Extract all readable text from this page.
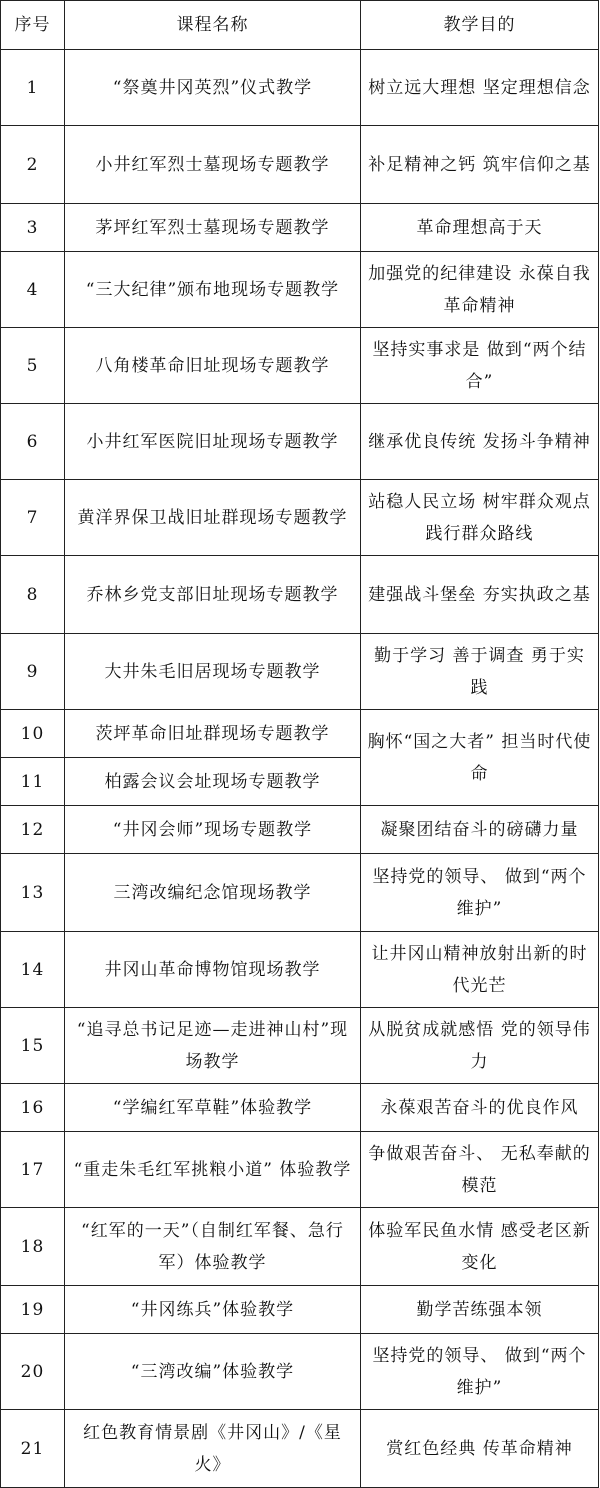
序号	课程名称	教学目的
1	“祭奠井冈英烈”仪式教学	树立远大理想 坚定理想信念
2	小井红军烈士墓现场专题教学	补足精神之钙 筑牢信仰之基
3	茅坪红军烈士墓现场专题教学	革命理想高于天
4	“三大纪律”颁布地现场专题教学	加强党的纪律建设 永葆自我革命精神
5	八角楼革命旧址现场专题教学	坚持实事求是 做到“两个结合”
6	小井红军医院旧址现场专题教学	继承优良传统 发扬斗争精神
7	黄洋界保卫战旧址群现场专题教学	站稳人民立场 树牢群众观点 践行群众路线
8	乔林乡党支部旧址现场专题教学	建强战斗堡垒 夯实执政之基
9	大井朱毛旧居现场专题教学	勤于学习 善于调查 勇于实践
10	茨坪革命旧址群现场专题教学	胸怀“国之大者” 担当时代使命
11	柏露会议会址现场专题教学	
12	“井冈会师”现场专题教学	凝聚团结奋斗的磅礴力量
13	三湾改编纪念馆现场教学	坚持党的领导、 做到“两个维护”
14	井冈山革命博物馆现场教学	让井冈山精神放射出新的时代光芒
15	“追寻总书记足迹—走进神山村”现场教学	从脱贫成就感悟 党的领导伟力
16	“学编红军草鞋”体验教学	永葆艰苦奋斗的优良作风
17	“重走朱毛红军挑粮小道” 体验教学	争做艰苦奋斗、 无私奉献的模范
18	“红军的一天”（自制红军餐、急行军）体验教学	体验军民鱼水情 感受老区新变化
19	“井冈练兵”体验教学	勤学苦练强本领
20	“三湾改编”体验教学	坚持党的领导、 做到“两个维护”
21	红色教育情景剧《井冈山》/《星火》	赏红色经典 传革命精神
